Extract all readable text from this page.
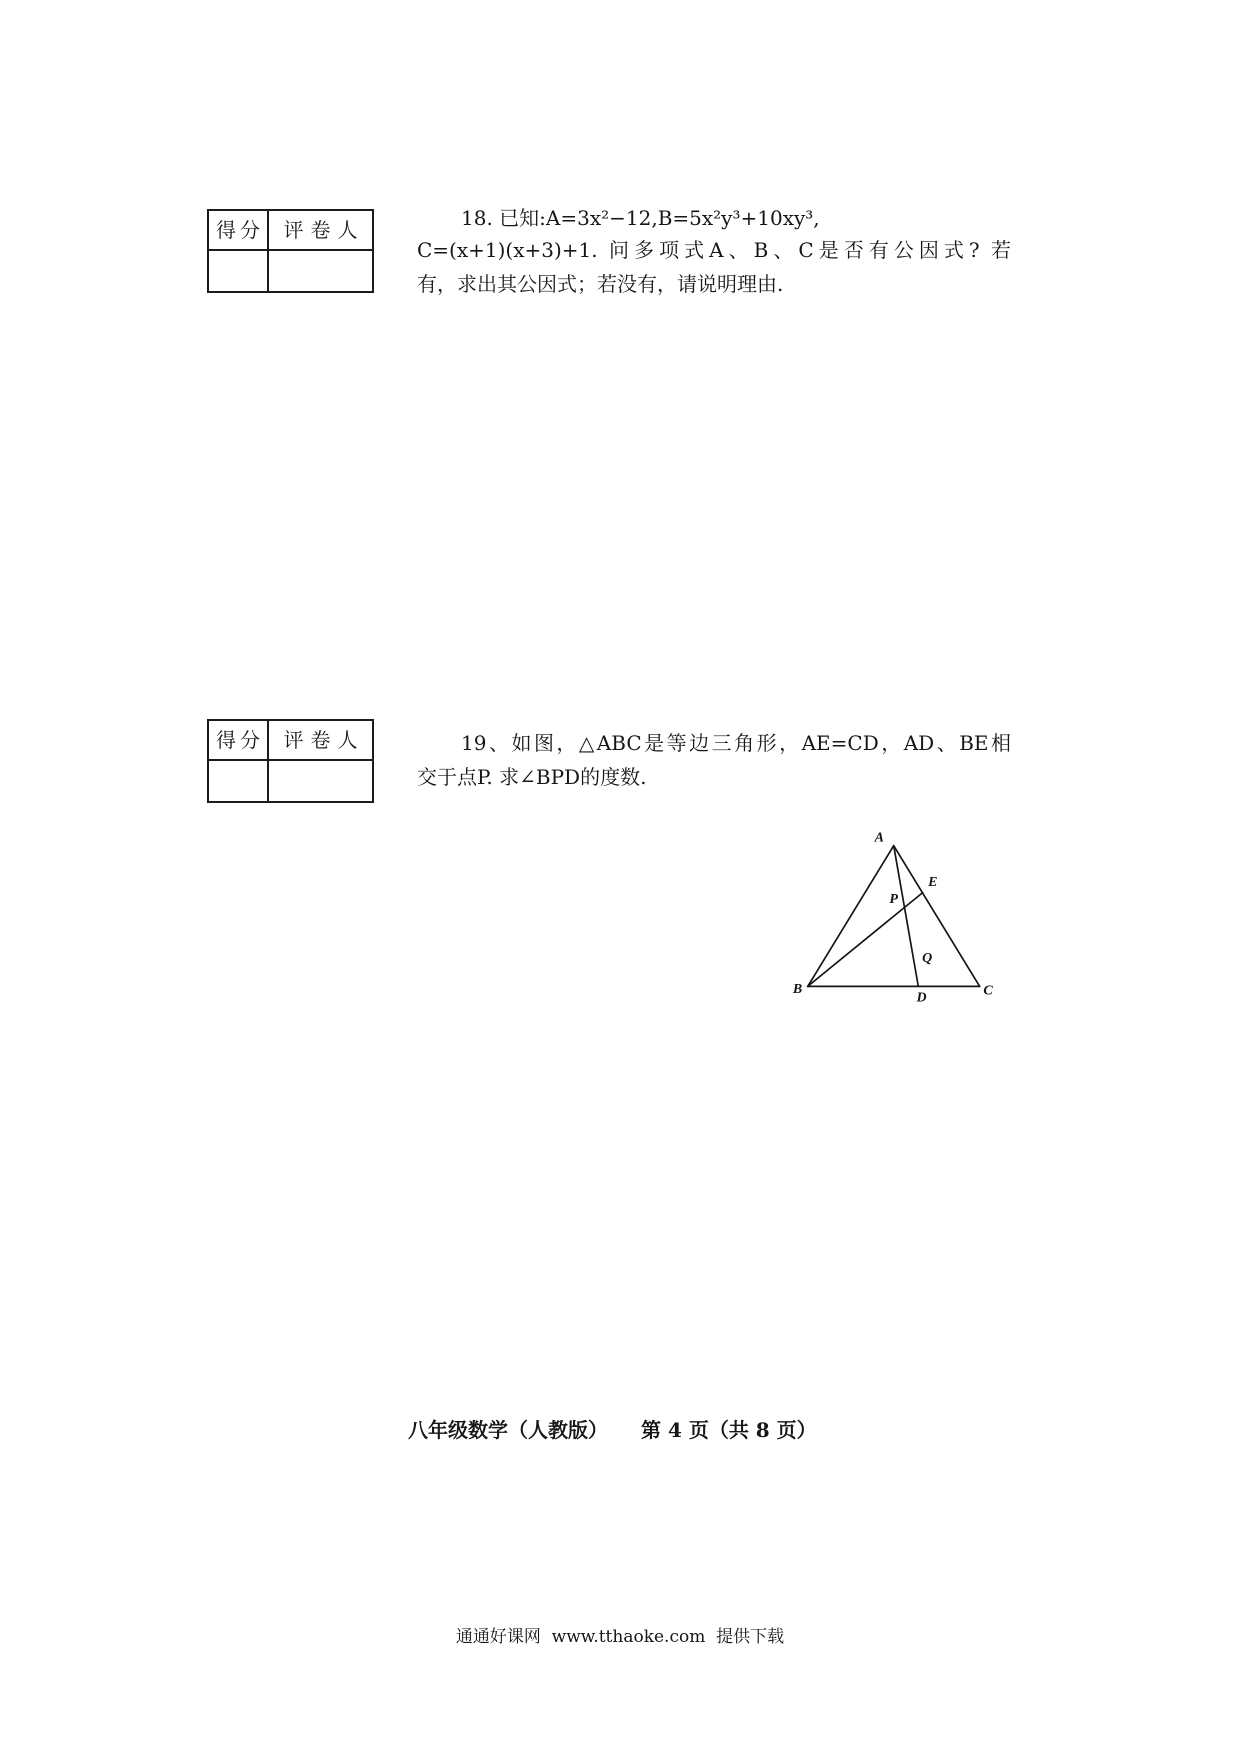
得分 评卷人	18. 已知:A=3x²−12,B=5x²y³+10xy³,
C=(x+1)(x+3)+1. 问多项式A、B、C是否有公因式? 若
有，求出其公因式；若没有，请说明理由.
得分 评卷人	19、如图，△ABC是等边三角形，AE=CD，AD、BE相
交于点P. 求∠BPD的度数.
A
B	C
D
E
P
Q
八年级数学（人教版） 第 4 页（共 8 页）
通通好课网  www.tthaoke.com  提供下载
